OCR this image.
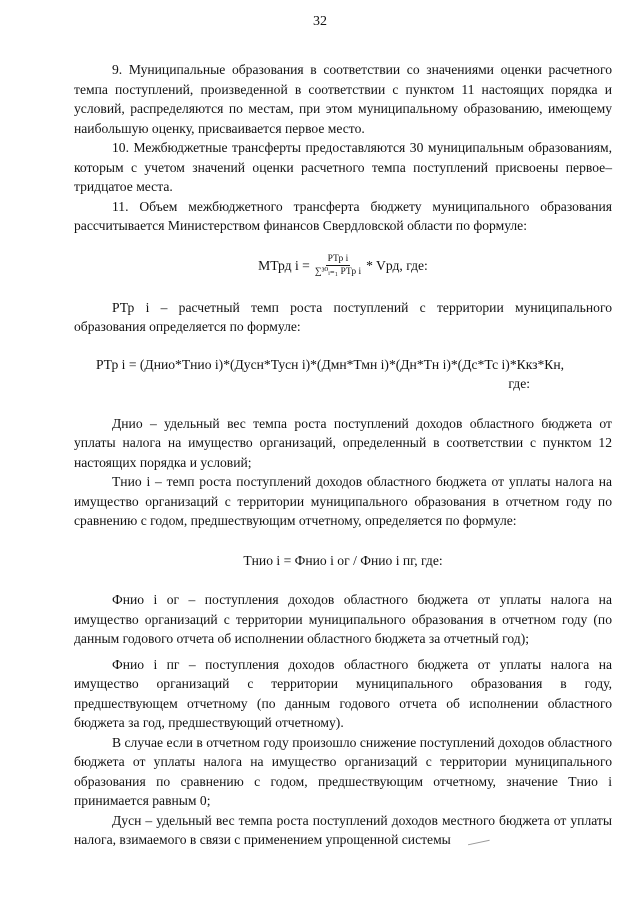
32

9. Муниципальные образования в соответствии со значениями оценки расчетного темпа поступлений, произведенной в соответствии с пунктом 11 настоящих порядка и условий, распределяются по местам, при этом муниципальному образованию, имеющему наибольшую оценку, присваивается первое место.

10. Межбюджетные трансферты предоставляются 30 муниципальным образованиям, которым с учетом значений оценки расчетного темпа поступлений присвоены первое–тридцатое места.

11. Объем межбюджетного трансферта бюджету муниципального образования рассчитывается Министерством финансов Свердловской области по формуле:

МТрд $i = \frac{\text{РТр i}}{\text{∑³⁰ᵢ₌₁ РТр i}}$ * Vрд, где:

РТр i – расчетный темп роста поступлений с территории муниципального образования определяется по формуле:

РТр i = (Днио*Тнио i)*(Дусн*Тусн i)*(Дмн*Тмн i)*(Дн*Тн i)*(Дс*Тс i)*Ккз*Кн,
где:

Днио – удельный вес темпа роста поступлений доходов областного бюджета от уплаты налога на имущество организаций, определенный в соответствии с пунктом 12 настоящих порядка и условий;

Тнио i – темп роста поступлений доходов областного бюджета от уплаты налога на имущество организаций с территории муниципального образования в отчетном году по сравнению с годом, предшествующим отчетному, определяется по формуле:

Тнио i = Фнио i ог / Фнио i пг, где:

Фнио i ог – поступления доходов областного бюджета от уплаты налога на имущество организаций с территории муниципального образования в отчетном году (по данным годового отчета об исполнении областного бюджета за отчетный год);

Фнио i пг – поступления доходов областного бюджета от уплаты налога на имущество организаций с территории муниципального образования в году, предшествующем отчетному (по данным годового отчета об исполнении областного бюджета за год, предшествующий отчетному).

В случае если в отчетном году произошло снижение поступлений доходов областного бюджета от уплаты налога на имущество организаций с территории муниципального образования по сравнению с годом, предшествующим отчетному, значение Тнио i принимается равным 0;

Дусн – удельный вес темпа роста поступлений доходов местного бюджета от уплаты налога, взимаемого в связи с применением упрощенной системы
